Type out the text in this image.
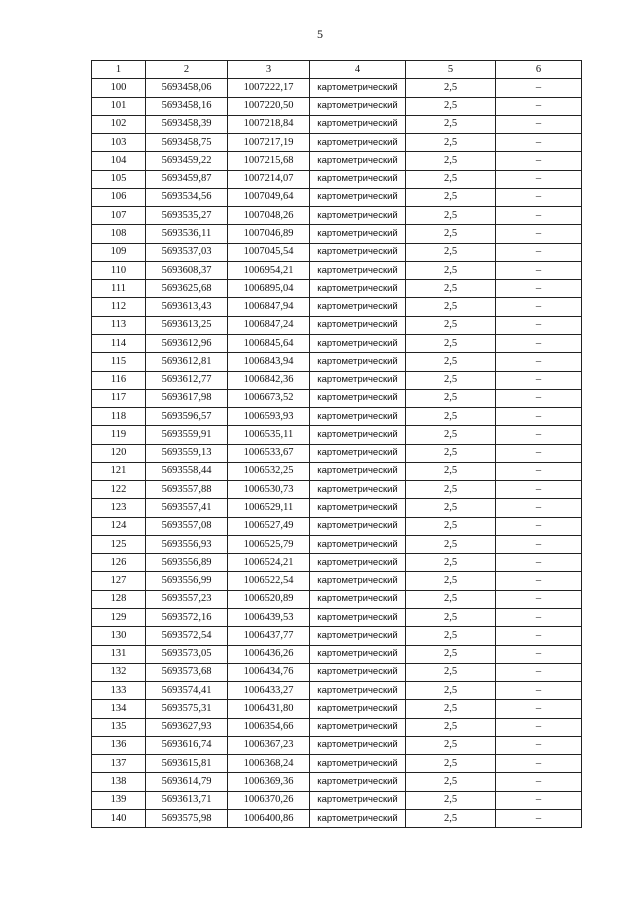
5
1	2	3	4	5	6
100	5693458,06	1007222,17	картометрический	2,5	–
101	5693458,16	1007220,50	картометрический	2,5	–
102	5693458,39	1007218,84	картометрический	2,5	–
103	5693458,75	1007217,19	картометрический	2,5	–
104	5693459,22	1007215,68	картометрический	2,5	–
105	5693459,87	1007214,07	картометрический	2,5	–
106	5693534,56	1007049,64	картометрический	2,5	–
107	5693535,27	1007048,26	картометрический	2,5	–
108	5693536,11	1007046,89	картометрический	2,5	–
109	5693537,03	1007045,54	картометрический	2,5	–
110	5693608,37	1006954,21	картометрический	2,5	–
111	5693625,68	1006895,04	картометрический	2,5	–
112	5693613,43	1006847,94	картометрический	2,5	–
113	5693613,25	1006847,24	картометрический	2,5	–
114	5693612,96	1006845,64	картометрический	2,5	–
115	5693612,81	1006843,94	картометрический	2,5	–
116	5693612,77	1006842,36	картометрический	2,5	–
117	5693617,98	1006673,52	картометрический	2,5	–
118	5693596,57	1006593,93	картометрический	2,5	–
119	5693559,91	1006535,11	картометрический	2,5	–
120	5693559,13	1006533,67	картометрический	2,5	–
121	5693558,44	1006532,25	картометрический	2,5	–
122	5693557,88	1006530,73	картометрический	2,5	–
123	5693557,41	1006529,11	картометрический	2,5	–
124	5693557,08	1006527,49	картометрический	2,5	–
125	5693556,93	1006525,79	картометрический	2,5	–
126	5693556,89	1006524,21	картометрический	2,5	–
127	5693556,99	1006522,54	картометрический	2,5	–
128	5693557,23	1006520,89	картометрический	2,5	–
129	5693572,16	1006439,53	картометрический	2,5	–
130	5693572,54	1006437,77	картометрический	2,5	–
131	5693573,05	1006436,26	картометрический	2,5	–
132	5693573,68	1006434,76	картометрический	2,5	–
133	5693574,41	1006433,27	картометрический	2,5	–
134	5693575,31	1006431,80	картометрический	2,5	–
135	5693627,93	1006354,66	картометрический	2,5	–
136	5693616,74	1006367,23	картометрический	2,5	–
137	5693615,81	1006368,24	картометрический	2,5	–
138	5693614,79	1006369,36	картометрический	2,5	–
139	5693613,71	1006370,26	картометрический	2,5	–
140	5693575,98	1006400,86	картометрический	2,5	–
